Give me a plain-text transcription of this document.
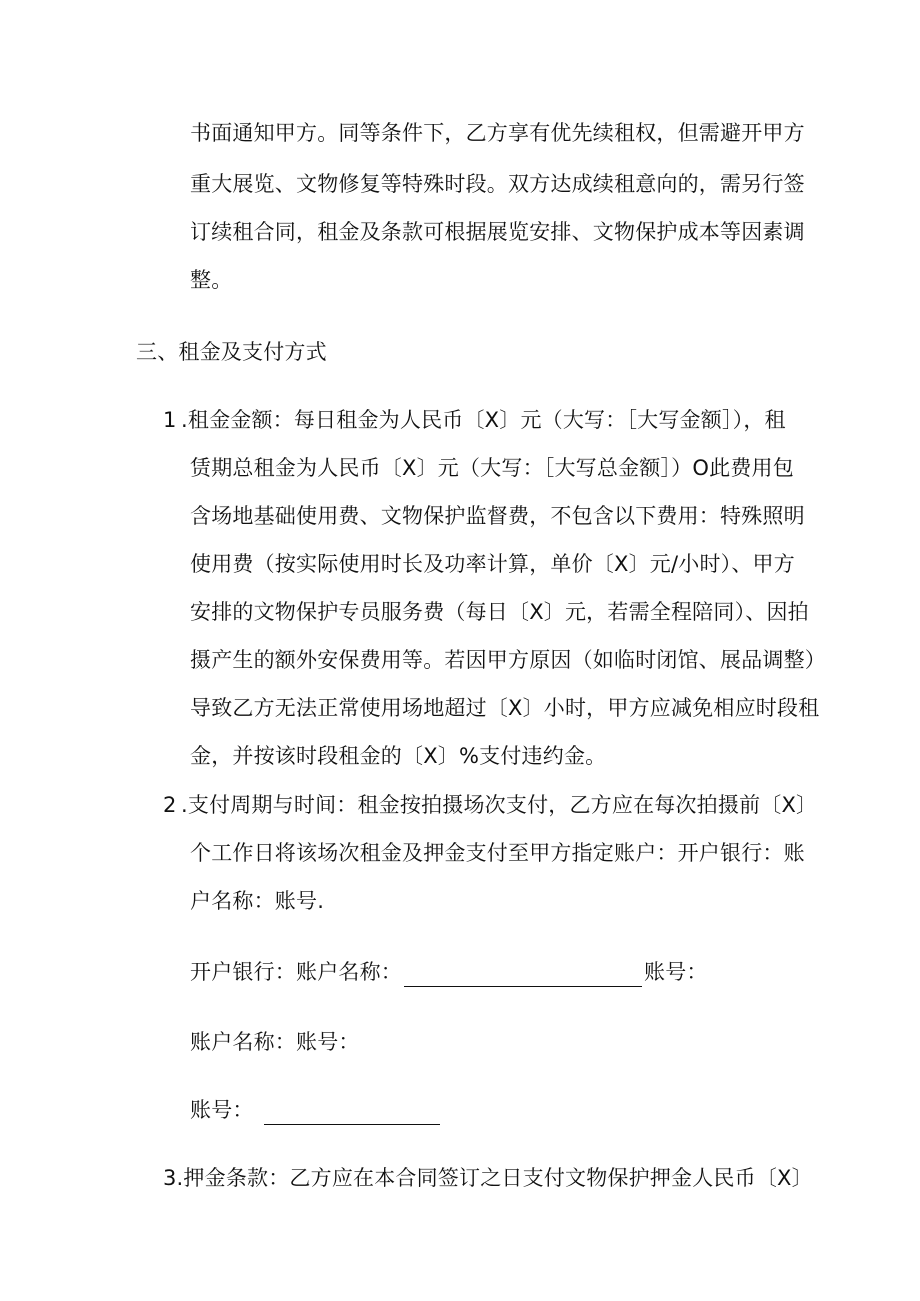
书面通知甲方。同等条件下，乙方享有优先续租权，但需避开甲方
重大展览、文物修复等特殊时段。双方达成续租意向的，需另行签
订续租合同，租金及条款可根据展览安排、文物保护成本等因素调
整。
三、租金及支付方式
1 .租金金额：每日租金为人民币〔X〕元（大写：［大写金额］），租
赁期总租金为人民币〔X〕元（大写：［大写总金额］）O此费用包
含场地基础使用费、文物保护监督费，不包含以下费用：特殊照明
使用费（按实际使用时长及功率计算，单价〔X〕元/小时）、甲方
安排的文物保护专员服务费（每日〔X〕元，若需全程陪同）、因拍
摄产生的额外安保费用等。若因甲方原因（如临时闭馆、展品调整）
导致乙方无法正常使用场地超过〔X〕小时，甲方应减免相应时段租
金，并按该时段租金的〔X〕%支付违约金。
2 .支付周期与时间：租金按拍摄场次支付，乙方应在每次拍摄前〔X〕
个工作日将该场次租金及押金支付至甲方指定账户：开户银行：账
户名称：账号.
开户银行：账户名称：	账号：
账户名称：账号：
账号：
3.押金条款：乙方应在本合同签订之日支付文物保护押金人民币〔X〕
